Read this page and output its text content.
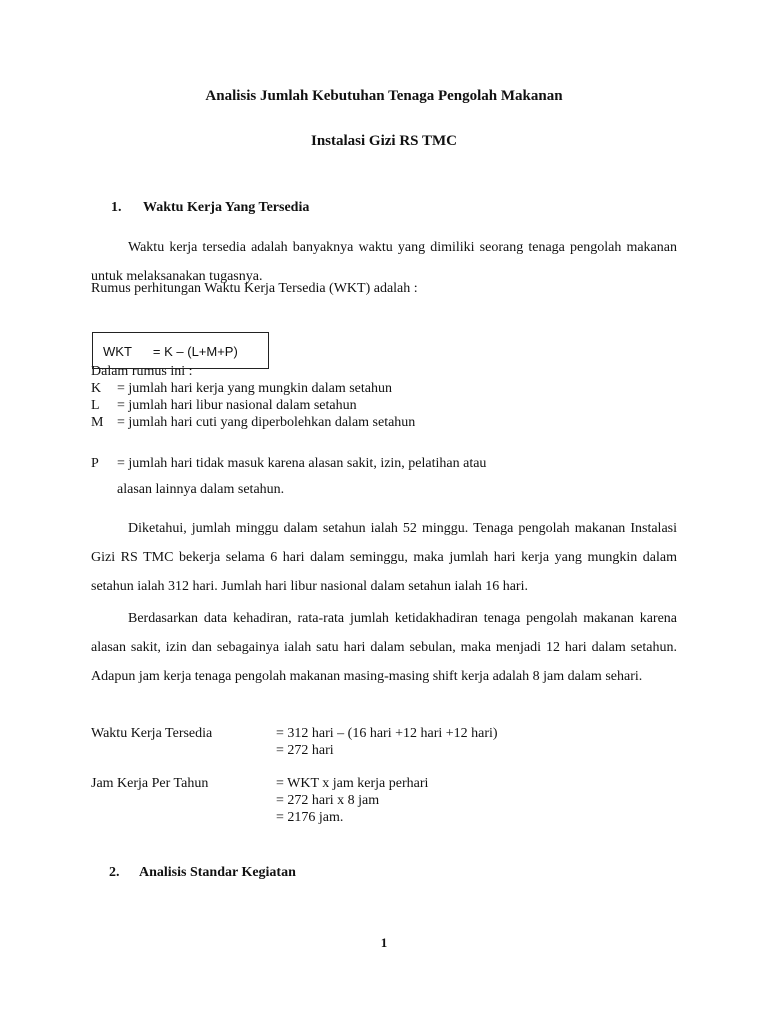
Analisis Jumlah Kebutuhan Tenaga Pengolah Makanan
Instalasi Gizi RS TMC
1. Waktu Kerja Yang Tersedia
Waktu kerja tersedia adalah banyaknya waktu yang dimiliki seorang tenaga pengolah makanan untuk melaksanakan tugasnya.
Rumus perhitungan Waktu Kerja Tersedia (WKT) adalah :
Dalam rumus ini :
WKT = K – (L+M+P)
K = jumlah hari kerja yang mungkin dalam setahun
L = jumlah hari libur nasional dalam setahun
M = jumlah hari cuti yang diperbolehkan dalam setahun
P = jumlah hari tidak masuk karena alasan sakit, izin, pelatihan atau
alasan lainnya dalam setahun.
Diketahui, jumlah minggu dalam setahun ialah 52 minggu. Tenaga pengolah makanan Instalasi Gizi RS TMC bekerja selama 6 hari dalam seminggu, maka jumlah hari kerja yang mungkin dalam setahun ialah 312 hari. Jumlah hari libur nasional dalam setahun ialah 16 hari.
Berdasarkan data kehadiran, rata-rata jumlah ketidakhadiran tenaga pengolah makanan karena alasan sakit, izin dan sebagainya ialah satu hari dalam sebulan, maka menjadi 12 hari dalam setahun. Adapun jam kerja tenaga pengolah makanan masing-masing shift kerja adalah 8 jam dalam sehari.
Waktu Kerja Tersedia	= 312 hari – (16 hari +12 hari +12 hari)
= 272 hari
Jam Kerja Per Tahun	= WKT x jam kerja perhari
= 272 hari x 8 jam
= 2176 jam.
2. Analisis Standar Kegiatan
1
